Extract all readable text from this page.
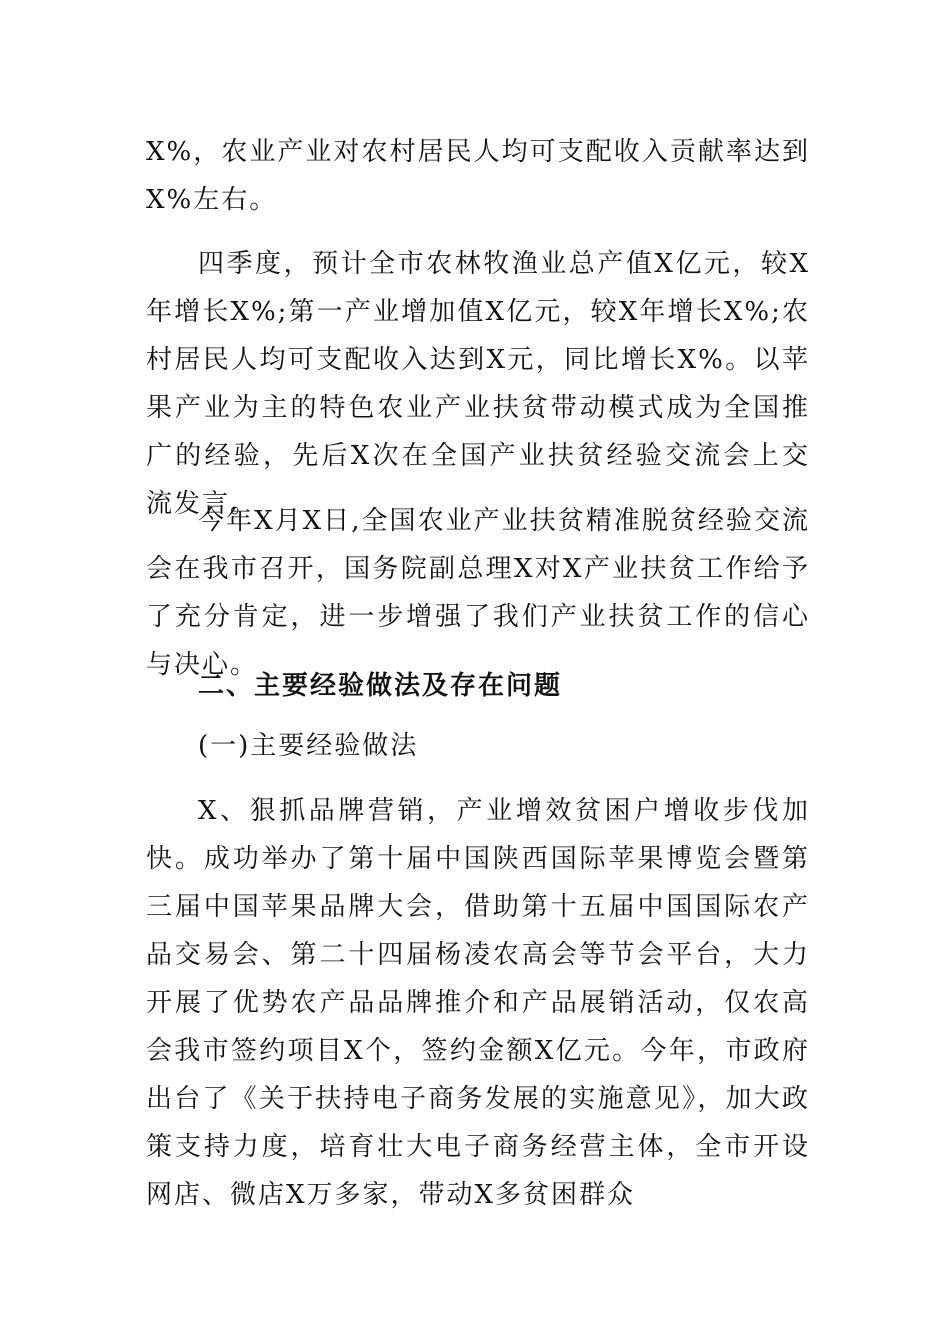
X%，农业产业对农村居民人均可支配收入贡献率达到X%左右。

四季度，预计全市农林牧渔业总产值X亿元，较X年增长X%;第一产业增加值X亿元，较X年增长X%;农村居民人均可支配收入达到X元，同比增长X%。以苹果产业为主的特色农业产业扶贫带动模式成为全国推广的经验，先后X次在全国产业扶贫经验交流会上交流发言。

今年X月X日,全国农业产业扶贫精准脱贫经验交流会在我市召开，国务院副总理X对X产业扶贫工作给予了充分肯定，进一步增强了我们产业扶贫工作的信心与决心。

二、主要经验做法及存在问题

(一)主要经验做法

X、狠抓品牌营销，产业增效贫困户增收步伐加快。成功举办了第十届中国陕西国际苹果博览会暨第三届中国苹果品牌大会，借助第十五届中国国际农产品交易会、第二十四届杨凌农高会等节会平台，大力开展了优势农产品品牌推介和产品展销活动，仅农高会我市签约项目X个，签约金额X亿元。今年，市政府出台了《关于扶持电子商务发展的实施意见》，加大政策支持力度，培育壮大电子商务经营主体，全市开设网店、微店X万多家，带动X多贫困群众
